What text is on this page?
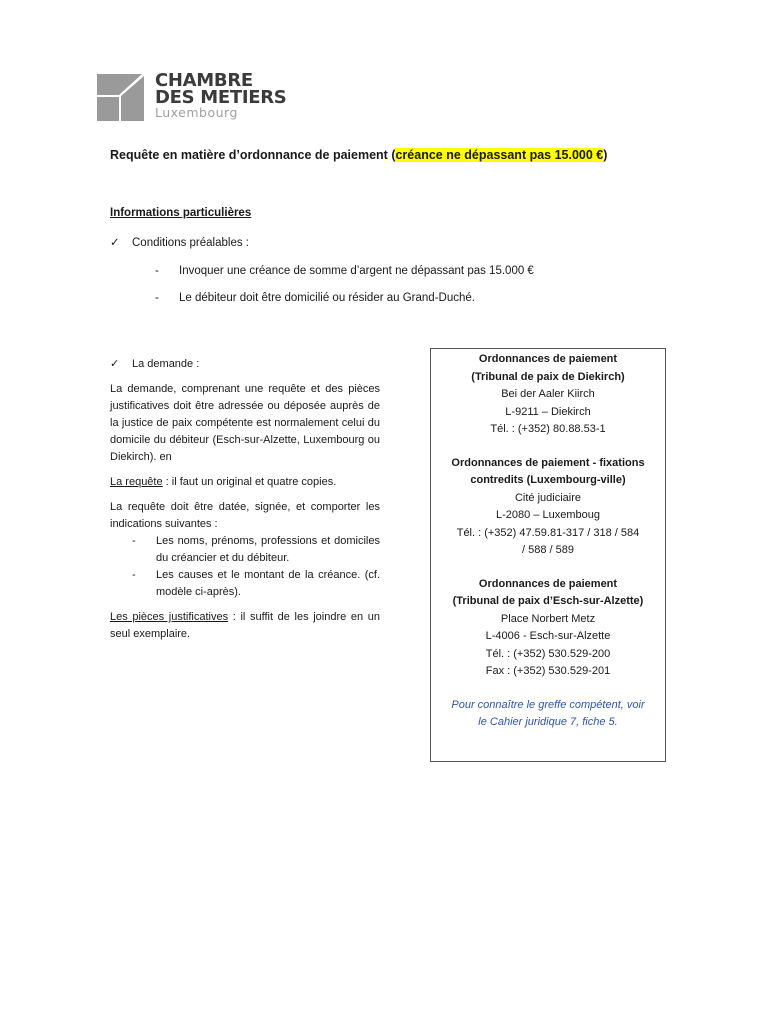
CHAMBRE
DES METIERS
Luxembourg
Requête en matière d’ordonnance de paiement (créance ne dépassant pas 15.000 €)
Informations particulières
✓ Conditions préalables :
- Invoquer une créance de somme d’argent ne dépassant pas 15.000 €
- Le débiteur doit être domicilié ou résider au Grand-Duché.

✓ La demande :

La demande, comprenant une requête et des pièces justificatives doit être adressée ou déposée auprès de la justice de paix compétente est normalement celui du domicile du débiteur (Esch-sur-Alzette, Luxembourg ou Diekirch). en

La requête : il faut un original et quatre copies.

La requête doit être datée, signée, et comporter les indications suivantes :

- Les noms, prénoms, professions et domiciles du créancier et du débiteur.
- Les causes et le montant de la créance. (cf. modèle ci-après).

Les pièces justificatives : il suffit de les joindre en un seul exemplaire.

Ordonnances de paiement
(Tribunal de paix de Diekirch)
Bei der Aaler Kiirch
L-9211 – Diekirch
Tél. : (+352) 80.88.53-1
Ordonnances de paiement - fixations
contredits (Luxembourg-ville)
Cité judiciaire
L-2080 – Luxemboug
Tél. : (+352) 47.59.81-317 / 318 / 584
/ 588 / 589
Ordonnances de paiement
(Tribunal de paix d’Esch-sur-Alzette)
Place Norbert Metz
L-4006 - Esch-sur-Alzette
Tél. : (+352) 530.529-200
Fax : (+352) 530.529-201
Pour connaître le greffe compétent, voir
le Cahier juridique 7, fiche 5.
